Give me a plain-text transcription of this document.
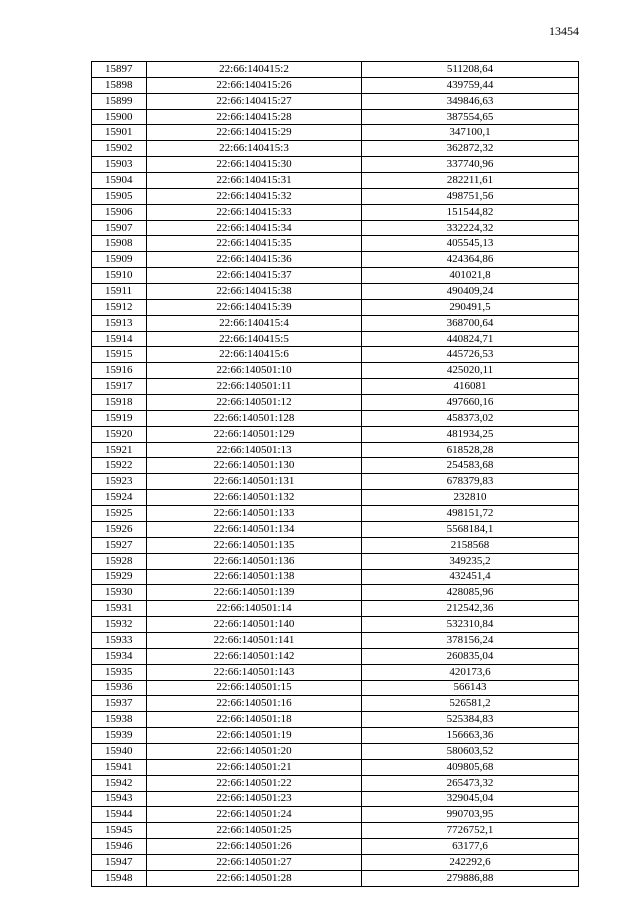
13454
15897	22:66:140415:2	511208,64
15898	22:66:140415:26	439759,44
15899	22:66:140415:27	349846,63
15900	22:66:140415:28	387554,65
15901	22:66:140415:29	347100,1
15902	22:66:140415:3	362872,32
15903	22:66:140415:30	337740,96
15904	22:66:140415:31	282211,61
15905	22:66:140415:32	498751,56
15906	22:66:140415:33	151544,82
15907	22:66:140415:34	332224,32
15908	22:66:140415:35	405545,13
15909	22:66:140415:36	424364,86
15910	22:66:140415:37	401021,8
15911	22:66:140415:38	490409,24
15912	22:66:140415:39	290491,5
15913	22:66:140415:4	368700,64
15914	22:66:140415:5	440824,71
15915	22:66:140415:6	445726,53
15916	22:66:140501:10	425020,11
15917	22:66:140501:11	416081
15918	22:66:140501:12	497660,16
15919	22:66:140501:128	458373,02
15920	22:66:140501:129	481934,25
15921	22:66:140501:13	618528,28
15922	22:66:140501:130	254583,68
15923	22:66:140501:131	678379,83
15924	22:66:140501:132	232810
15925	22:66:140501:133	498151,72
15926	22:66:140501:134	5568184,1
15927	22:66:140501:135	2158568
15928	22:66:140501:136	349235,2
15929	22:66:140501:138	432451,4
15930	22:66:140501:139	428085,96
15931	22:66:140501:14	212542,36
15932	22:66:140501:140	532310,84
15933	22:66:140501:141	378156,24
15934	22:66:140501:142	260835,04
15935	22:66:140501:143	420173,6
15936	22:66:140501:15	566143
15937	22:66:140501:16	526581,2
15938	22:66:140501:18	525384,83
15939	22:66:140501:19	156663,36
15940	22:66:140501:20	580603,52
15941	22:66:140501:21	409805,68
15942	22:66:140501:22	265473,32
15943	22:66:140501:23	329045,04
15944	22:66:140501:24	990703,95
15945	22:66:140501:25	7726752,1
15946	22:66:140501:26	63177,6
15947	22:66:140501:27	242292,6
15948	22:66:140501:28	279886,88
